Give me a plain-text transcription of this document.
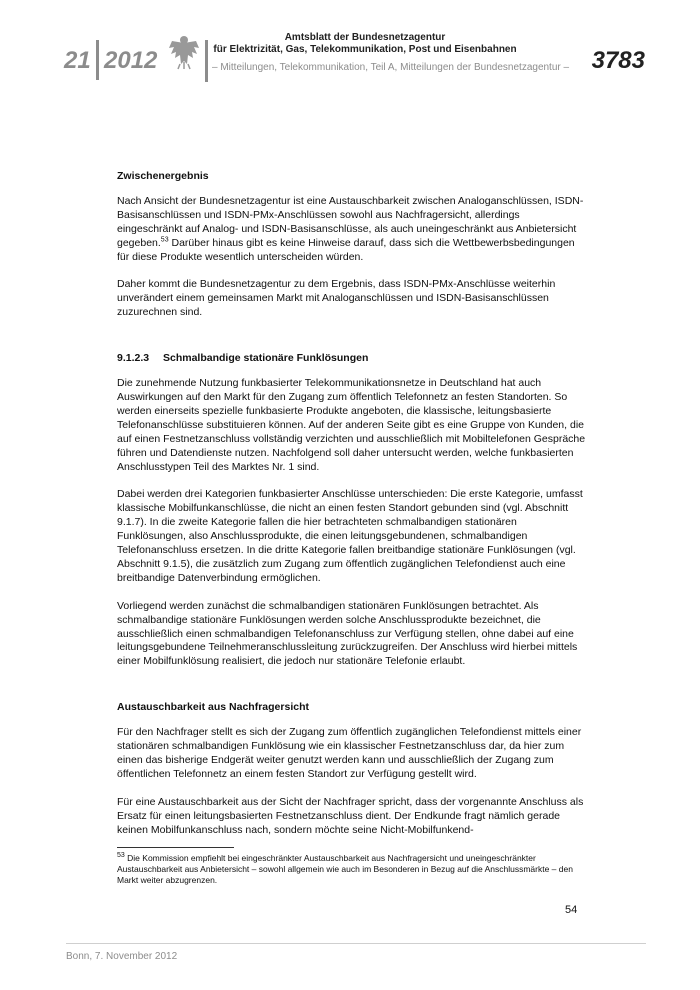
21 2012
Amtsblatt der Bundesnetzagentur
für Elektrizität, Gas, Telekommunikation, Post und Eisenbahnen
– Mitteilungen, Telekommunikation, Teil A, Mitteilungen der Bundesnetzagentur – 3783
Zwischenergebnis

Nach Ansicht der Bundesnetzagentur ist eine Austauschbarkeit zwischen Analoganschlüssen, ISDN-Basisanschlüssen und ISDN-PMx-Anschlüssen sowohl aus Nachfragersicht, allerdings eingeschränkt auf Analog- und ISDN-Basisanschlüsse, als auch uneingeschränkt aus Anbietersicht gegeben.$^{53}$ Darüber hinaus gibt es keine Hinweise darauf, dass sich die Wettbewerbsbedingungen für diese Produkte wesentlich unterscheiden würden.

Daher kommt die Bundesnetzagentur zu dem Ergebnis, dass ISDN-PMx-Anschlüsse weiterhin unverändert einem gemeinsamen Markt mit Analoganschlüssen und ISDN-Basisanschlüssen zuzurechnen sind.

9.1.2.3 Schmalbandige stationäre Funklösungen

Die zunehmende Nutzung funkbasierter Telekommunikationsnetze in Deutschland hat auch Auswirkungen auf den Markt für den Zugang zum öffentlich Telefonnetz an festen Standorten. So werden einerseits spezielle funkbasierte Produkte angeboten, die klassische, leitungsbasierte Telefonanschlüsse substituieren können. Auf der anderen Seite gibt es eine Gruppe von Kunden, die auf einen Festnetzanschluss vollständig verzichten und ausschließlich mit Mobiltelefonen Gespräche führen und Datendienste nutzen. Nachfolgend soll daher untersucht werden, welche funkbasierten Anschlusstypen Teil des Marktes Nr. 1 sind.

Dabei werden drei Kategorien funkbasierter Anschlüsse unterschieden: Die erste Kategorie, umfasst klassische Mobilfunkanschlüsse, die nicht an einen festen Standort gebunden sind (vgl. Abschnitt 9.1.7). In die zweite Kategorie fallen die hier betrachteten schmalbandigen stationären Funklösungen, also Anschlussprodukte, die einen leitungsgebundenen, schmalbandigen Telefonanschluss ersetzen. In die dritte Kategorie fallen breitbandige stationäre Funklösungen (vgl. Abschnitt 9.1.5), die zusätzlich zum Zugang zum öffentlich zugänglichen Telefondienst auch eine breitbandige Datenverbindung ermöglichen.

Vorliegend werden zunächst die schmalbandigen stationären Funklösungen betrachtet. Als schmalbandige stationäre Funklösungen werden solche Anschlussprodukte bezeichnet, die ausschließlich einen schmalbandigen Telefonanschluss zur Verfügung stellen, ohne dabei auf eine leitungsgebundene Teilnehmeranschlussleitung zurückzugreifen. Der Anschluss wird hierbei mittels einer Mobilfunklösung realisiert, die jedoch nur stationäre Telefonie erlaubt.

Austauschbarkeit aus Nachfragersicht

Für den Nachfrager stellt es sich der Zugang zum öffentlich zugänglichen Telefondienst mittels einer stationären schmalbandigen Funklösung wie ein klassischer Festnetzanschluss dar, da hier zum einen das bisherige Endgerät weiter genutzt werden kann und ausschließlich der Zugang zum öffentlichen Telefonnetz an einem festen Standort zur Verfügung gestellt wird.

Für eine Austauschbarkeit aus der Sicht der Nachfrager spricht, dass der vorgenannte Anschluss als Ersatz für einen leitungsbasierten Festnetzanschluss dient. Der Endkunde fragt nämlich gerade keinen Mobilfunkanschluss nach, sondern möchte seine Nicht-Mobilfunkend-

$^{53}$ Die Kommission empfiehlt bei eingeschränkter Austauschbarkeit aus Nachfragersicht und uneingeschränkter Austauschbarkeit aus Anbietersicht – sowohl allgemein wie auch im Besonderen in Bezug auf die Anschlussmärkte – den Markt weiter abzugrenzen.
54
Bonn, 7. November 2012
